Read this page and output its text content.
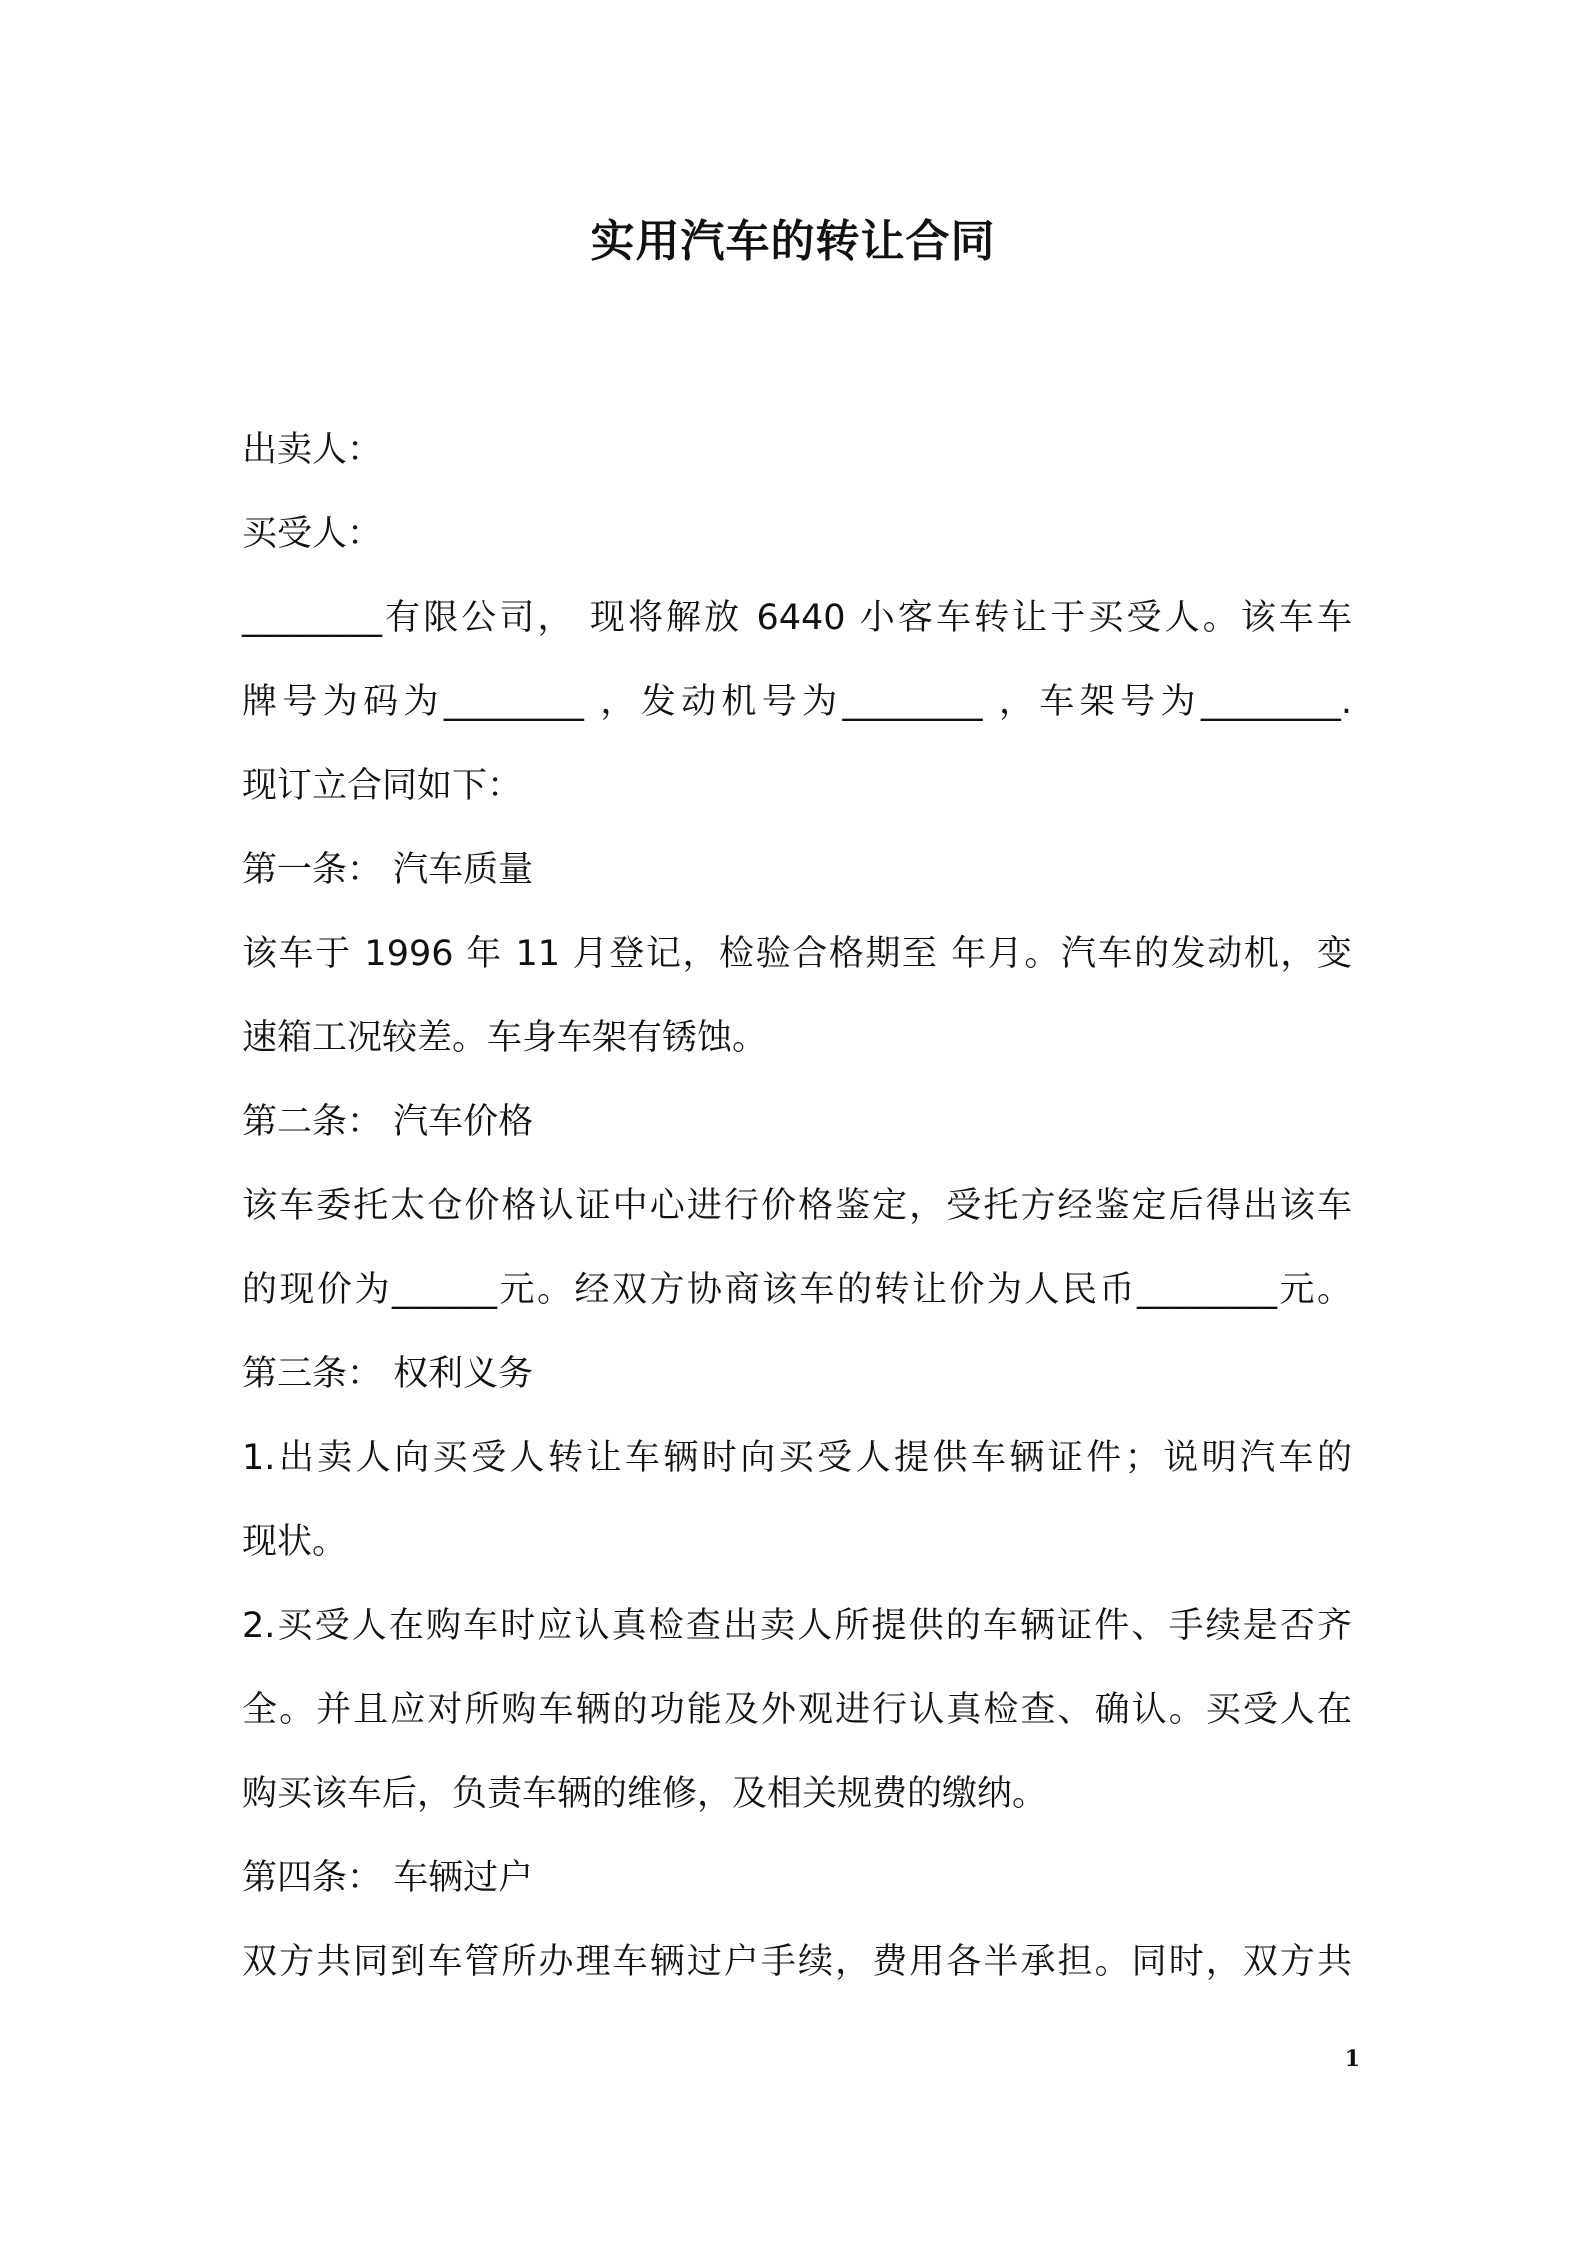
实用汽车的转让合同
出卖人：
买受人：
________有限公司， 现将解放 6440 小客车转让于买受人。该车车
牌号为码为________ ，发动机号为________ ，车架号为________.
现订立合同如下：
第一条： 汽车质量
该车于 1996 年 11 月登记，检验合格期至 年月。汽车的发动机，变
速箱工况较差。车身车架有锈蚀。
第二条： 汽车价格
该车委托太仓价格认证中心进行价格鉴定，受托方经鉴定后得出该车
的现价为______元。经双方协商该车的转让价为人民币________元。
第三条： 权利义务
1.出卖人向买受人转让车辆时向买受人提供车辆证件；说明汽车的
现状。
2.买受人在购车时应认真检查出卖人所提供的车辆证件、手续是否齐
全。并且应对所购车辆的功能及外观进行认真检查、确认。买受人在
购买该车后，负责车辆的维修，及相关规费的缴纳。
第四条： 车辆过户
双方共同到车管所办理车辆过户手续，费用各半承担。同时，双方共
1
